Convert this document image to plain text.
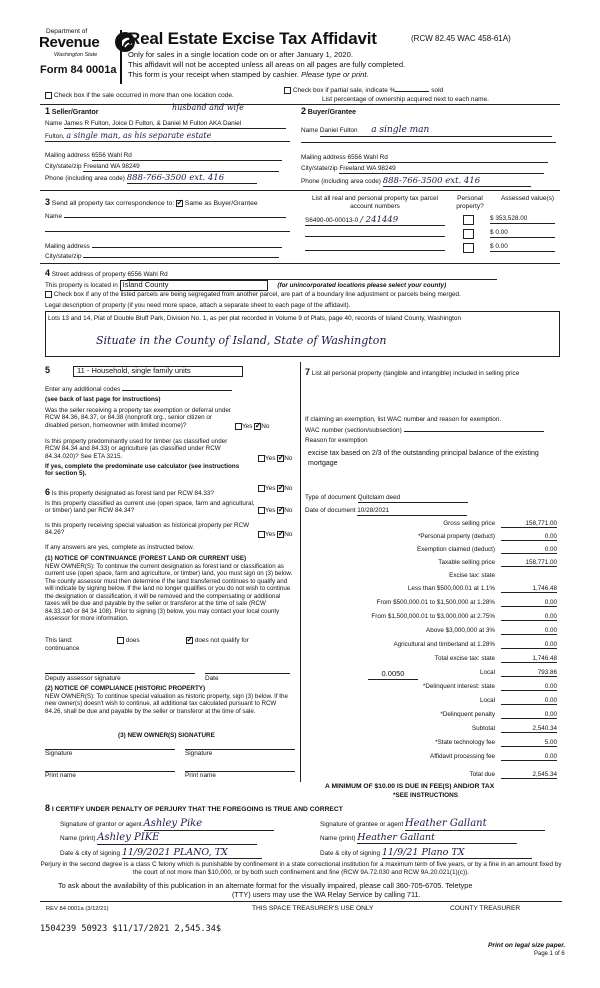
Department of
Revenue
Washington State
Form 84 0001a
Real Estate Excise Tax Affidavit	(RCW 82.45 WAC 458-61A)
Only for sales in a single location code on or after January 1, 2020.
This affidavit will not be accepted unless all areas on all pages are fully completed.
This form is your receipt when stamped by cashier. Please type or print.
Check box if the sale occurred in more than one location code.
Check box if partial sale, indicate %	sold
List percentage of ownership acquired next to each name.
1 Seller/Grantor
husband and wife
Name James R Fulton, Joice D Fulton, & Daniel M Fulton AKA Daniel
Fulton, a single man, as his separate estate
Mailing address 6556 Wahl Rd
City/state/zip Freeland WA 98249
Phone (including area code) 888-766-3500 ext. 416
2 Buyer/Grantee
Name Daniel Fulton a single man
Mailing address 6556 Wahl Rd
City/state/zip Freeland WA 98249
Phone (including area code) 888-766-3500 ext. 416
3 Send all property tax correspondence to: ✓ Same as Buyer/Grantee
Name
Mailing address
City/state/zip
List all real and personal property tax parcel account numbers
Personal property?
Assessed value(s)
S6490-00-00013-0 / 241449	$ 353,528.00
$ 0.00
$ 0.00
4 Street address of property 6556 Wahl Rd
This property is located in Island County	(for unincorporated locations please select your county)
Check box if any of the listed parcels are being segregated from another parcel, are part of a boundary line adjustment or parcels being merged.
Legal description of property (if you need more space, attach a separate sheet to each page of the affidavit).
Lots 13 and 14, Plat of Double Bluff Park, Division No. 1, as per plat recorded in Volume 9 of Plats, page 40, records of Island County, Washington
Situate in the County of Island, State of Washington
5	11 - Household, single family units
Enter any additional codes
(see back of last page for instructions)
Was the seller receiving a property tax exemption or deferral under RCW 84.36, 84.37, or 84.38 (nonprofit org., senior citizen or disabled person, homeowner with limited income)?	Yes ✓ No
Is this property predominantly used for timber (as classified under RCW 84.34 and 84.33) or agriculture (as classified under RCW 84.34.020)? See ETA 3215.	Yes ✓ No
If yes, complete the predominate use calculator (see instructions for section 5).
6 Is this property designated as forest land per RCW 84.33?
Yes ✓ No
Is this property classified as current use (open space, farm and agricultural, or timber) land per RCW 84.34?	Yes ✓ No
Is this property receiving special valuation as historical property per RCW 84.26?	Yes ✓ No
If any answers are yes, complete as instructed below.
(1) NOTICE OF CONTINUANCE (FOREST LAND OR CURRENT USE)
NEW OWNER(S): To continue the current designation as forest land or classification as current use (open space, farm and agriculture, or timber) land, you must sign on (3) below. The county assessor must then determine if the land transferred continues to qualify and will indicate by signing below. If the land no longer qualifies or you do not wish to continue the designation or classification, it will be removed and the compensating or additional taxes will be due and payable by the seller or transferor at the time of sale (RCW 84.33.140 or 84 34 108). Prior to signing (3) below, you may contact your local county assessor for more information.
This land:
continuance
does ✓	does not qualify for
Deputy assessor signature	Date
(2) NOTICE OF COMPLIANCE (HISTORIC PROPERTY)
NEW OWNER(S): To continue special valuation as historic property, sign (3) below. If the new owner(s) doesn't wish to continue, all additional tax calculated pursuant to RCW 84.26, shall be due and payable by the seller or transferor at the time of sale.
(3) NEW OWNER(S) SIGNATURE
Signature	Signature
Print name	Print name
7 List all personal property (tangible and intangible) included in selling price
If claiming an exemption, list WAC number and reason for exemption.
WAC number (section/subsection)
Reason for exemption
excise tax based on 2/3 of the outstanding principal balance of the existing mortgage
Type of document Quitclaim deed
Date of document 10/28/2021
Gross selling price	158,771.00
*Personal property (deduct)	0.00
Exemption claimed (deduct)	0.00
Taxable selling price	158,771.00
Excise tax: state
Less than $500,000.01 at 1.1%	1,746.48
From $500,000.01 to $1,500,000 at 1.28%	0.00
From $1,500,000.01 to $3,000,000 at 2.75%	0.00
Above $3,000,000 at 3%	0.00
Agricultural and timberland at 1.28%	0.00
Total excise tax: state	1,746.48
0.0050	Local	793.86
*Delinquent interest: state	0.00
Local	0.00
*Delinquent penalty	0.00
Subtotal	2,540.34
*State technology fee	5.00
Affidavit processing fee	0.00
Total due	2,545.34
A MINIMUM OF $10.00 IS DUE IN FEE(S) AND/OR TAX
*SEE INSTRUCTIONS
8 I CERTIFY UNDER PENALTY OF PERJURY THAT THE FOREGOING IS TRUE AND CORRECT
Signature of grantor or agent Ashley Pike
Name (print) Ashley PIKE
Date & city of signing 11/9/2021 PLANO, TX
Signature of grantee or agent Heather Gallant
Name (print) Heather Gallant
Date & city of signing 11/9/21 Plano TX
Perjury in the second degree is a class C felony which is punishable by confinement in a state correctional institution for a maximum term of five years, or by a fine in an amount fixed by the court of not more than $10,000, or by both such confinement and fine (RCW 9A.72.030 and RCW 9A.20.021(1)(c)).
To ask about the availability of this publication in an alternate format for the visually impaired, please call 360-705-6705. Teletype
(TTY) users may use the WA Relay Service by calling 711.
REV 84 0001a (3/12/21)	THIS SPACE TREASURER'S USE ONLY	COUNTY TREASURER
1504239 50923 $11/17/2021 2,545.34$
Print on legal size paper.
Page 1 of 6
